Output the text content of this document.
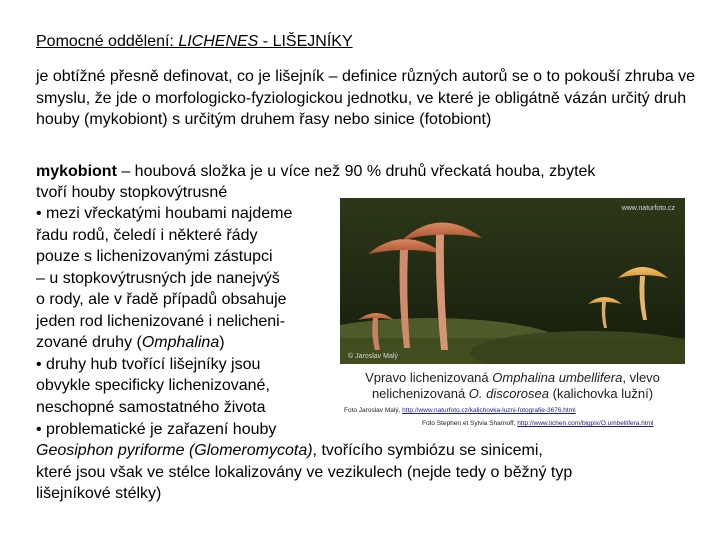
Pomocné oddělení: LICHENES - LIŠEJNÍKY

je obtížné přesně definovat, co je lišejník – definice různých autorů se o to pokouší zhruba ve smyslu, že jde o morfologicko-fyziologickou jednotku, ve které je obligátně vázán určitý druh houby (mykobiont) s určitým druhem řasy nebo sinice (fotobiont)

mykobiont – houbová složka je u více než 90 % druhů vřeckatá houba, zbytek
tvoří houby stopkovýtrusné
• mezi vřeckatými houbami najdeme
řadu rodů, čeledí i některé řády
pouze s lichenizovanými zástupci
– u stopkovýtrusných jde nanejvýš
o rody, ale v řadě případů obsahuje
jeden rod lichenizované i nelicheni-
zované druhy (Omphalina)
• druhy hub tvořící lišejníky jsou
obvykle specificky lichenizované,
neschopné samostatného života
• problematické je zařazení houby
Geosiphon pyriforme (Glomeromycota), tvořícího symbiózu se sinicemi,
které jsou však ve stélce lokalizovány ve vezikulech (nejde tedy o běžný typ
lišejníkové stélky)
www.naturfoto.cz
© Jaroslav Malý
Vpravo lichenizovaná Omphalina umbellifera, vlevo
nelichenizovaná O. discorosea (kalichovka lužní)
Foto Jaroslav Malý, http://www.naturfoto.cz/kalichovka-luzni-fotografie-3676.html
Foto Stephen et Sylvia Sharnoff, http://www.lichen.com/bigpix/O.umbellifera.html
